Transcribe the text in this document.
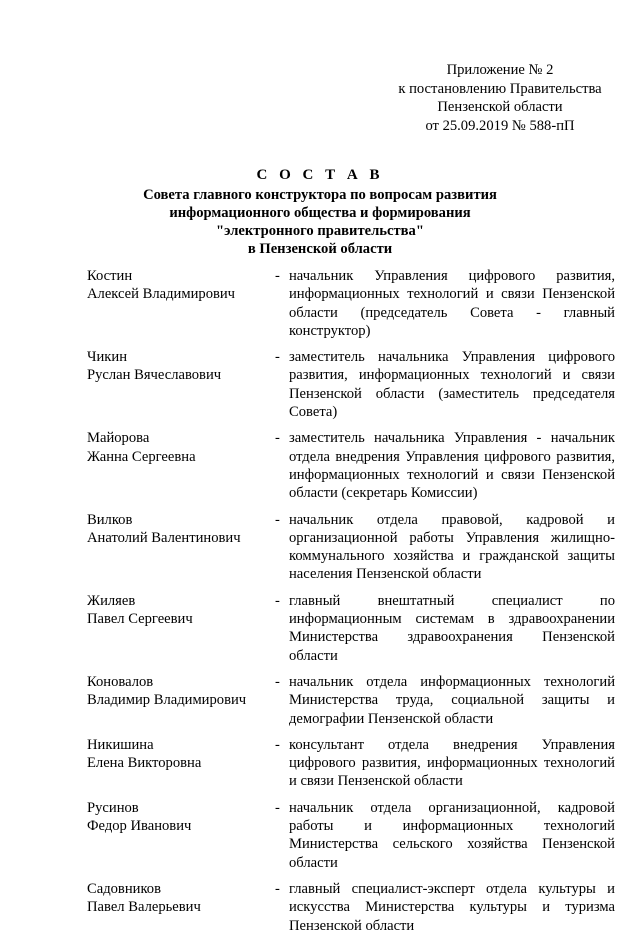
Приложение № 2
к постановлению Правительства
Пензенской области
от 25.09.2019 № 588-пП
С О С Т А В
Совета главного конструктора по вопросам развития
информационного общества и формирования
"электронного правительства"
в Пензенской области
Костин
Алексей Владимирович
- начальник Управления цифрового развития, информационных технологий и связи Пензенской области (председатель Совета - главный конструктор)
Чикин
Руслан Вячеславович
- заместитель начальника Управления цифрового развития, информационных технологий и связи Пензенской области (заместитель председателя Совета)
Майорова
Жанна Сергеевна
- заместитель начальника Управления - начальник отдела внедрения Управления цифрового развития, информационных технологий и связи Пензенской области (секретарь Комиссии)
Вилков
Анатолий Валентинович
- начальник отдела правовой, кадровой и организационной работы Управления жилищно-коммунального хозяйства и гражданской защиты населения Пензенской области
Жиляев
Павел Сергеевич
- главный внештатный специалист по информационным системам в здравоохранении Министерства здравоохранения Пензенской области
Коновалов
Владимир Владимирович
- начальник отдела информационных технологий Министерства труда, социальной защиты и демографии Пензенской области
Никишина
Елена Викторовна
- консультант отдела внедрения Управления цифрового развития, информационных технологий и связи Пензенской области
Русинов
Федор Иванович
- начальник отдела организационной, кадровой работы и информационных технологий Министерства сельского хозяйства Пензенской области
Садовников
Павел Валерьевич
- главный специалист-эксперт отдела культуры и искусства Министерства культуры и туризма Пензенской области
